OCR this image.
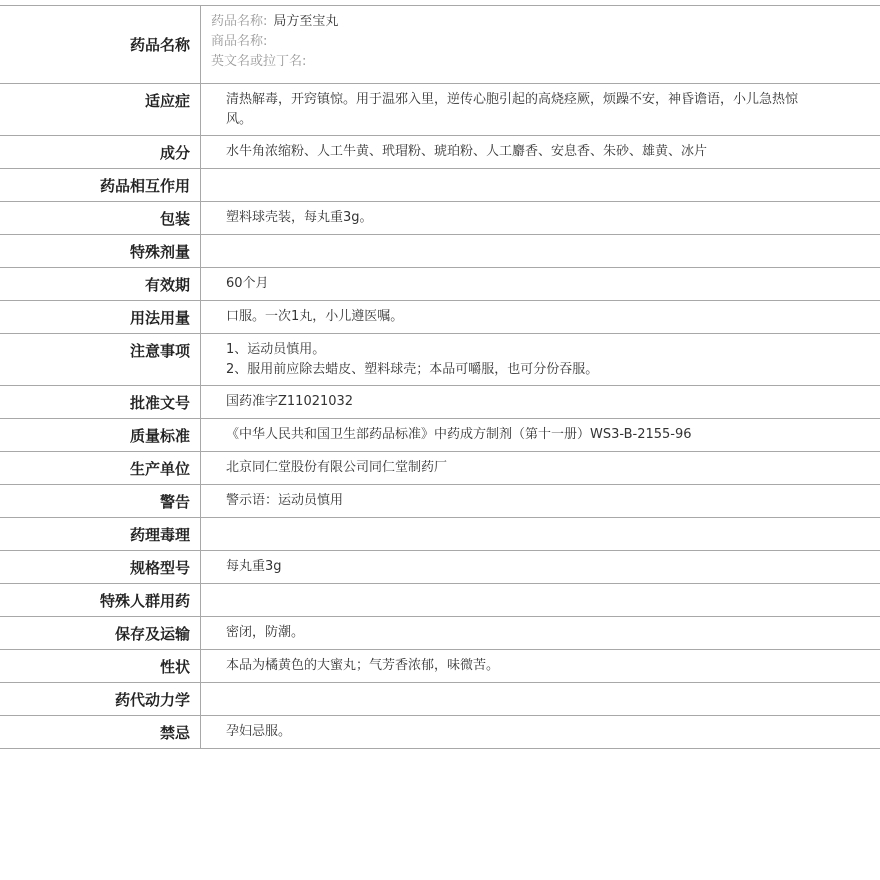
药品名称	药品名称: 局方至宝丸
商品名称:
英文名或拉丁名:

适应症	清热解毒，开窍镇惊。用于温邪入里，逆传心胞引起的高烧痉厥，烦躁不安，神昏谵语，小儿急热惊风。

成分	水牛角浓缩粉、人工牛黄、玳瑁粉、琥珀粉、人工麝香、安息香、朱砂、雄黄、冰片

药品相互作用	

包装	塑料球壳装，每丸重3g。

特殊剂量	

有效期	60个月

用法用量	口服。一次1丸，小儿遵医嘱。

注意事项	1、运动员慎用。
2、服用前应除去蜡皮、塑料球壳；本品可嚼服，也可分份吞服。

批准文号	国药准字Z11021032

质量标准	《中华人民共和国卫生部药品标准》中药成方制剂（第十一册）WS3-B-2155-96

生产单位	北京同仁堂股份有限公司同仁堂制药厂

警告	警示语：运动员慎用

药理毒理	

规格型号	每丸重3g

特殊人群用药	

保存及运输	密闭，防潮。

性状	本品为橘黄色的大蜜丸；气芳香浓郁，味微苦。

药代动力学	

禁忌	孕妇忌服。
